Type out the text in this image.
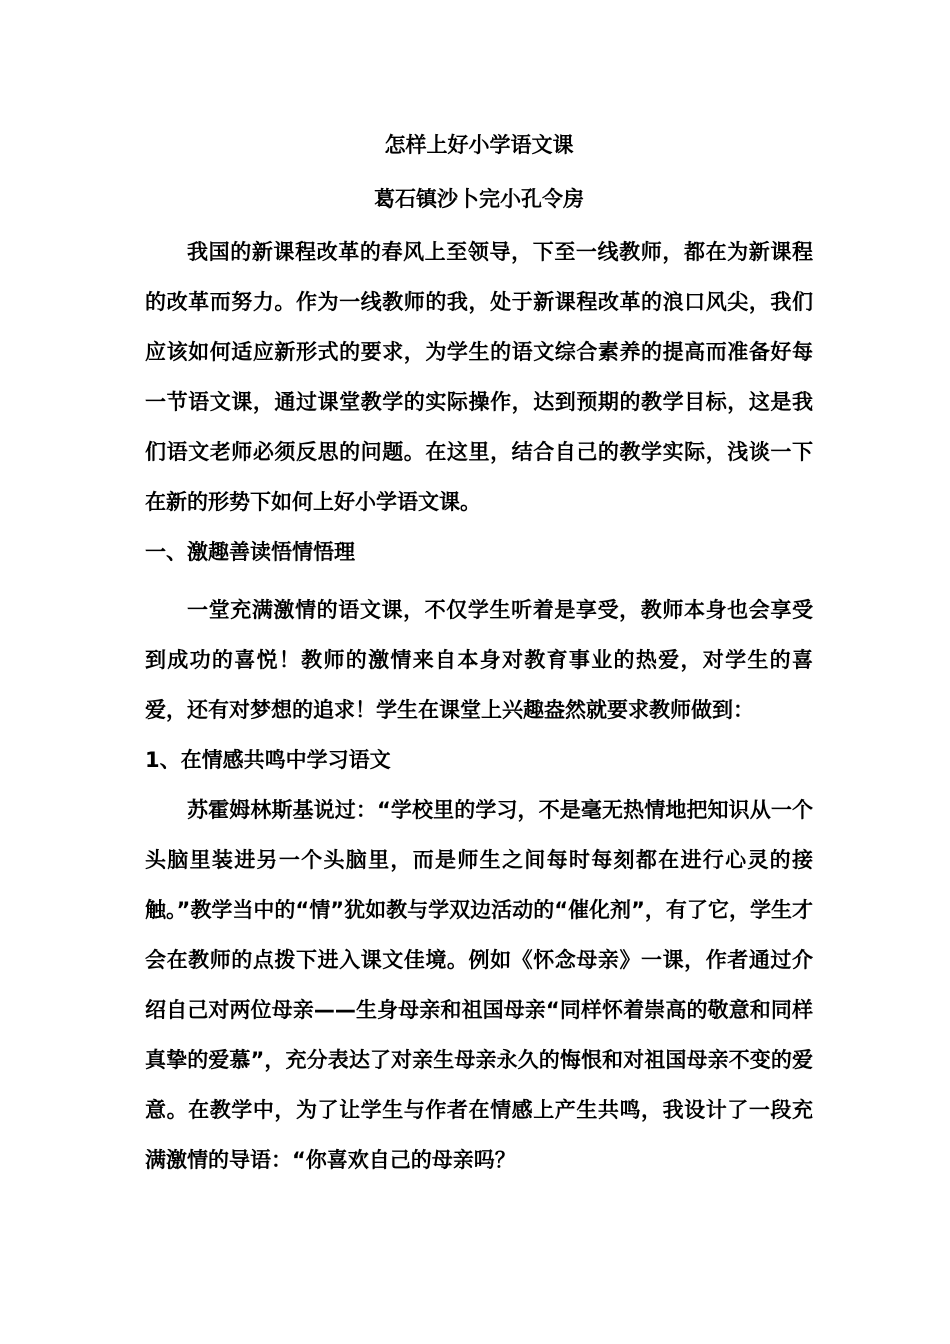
怎样上好小学语文课

葛石镇沙卜完小孔令房

我国的新课程改革的春风上至领导，下至一线教师，都在为新课程的改革而努力。作为一线教师的我，处于新课程改革的浪口风尖，我们应该如何适应新形式的要求，为学生的语文综合素养的提高而准备好每一节语文课，通过课堂教学的实际操作，达到预期的教学目标，这是我们语文老师必须反思的问题。在这里，结合自己的教学实际，浅谈一下在新的形势下如何上好小学语文课。

一、激趣善读悟情悟理

一堂充满激情的语文课，不仅学生听着是享受，教师本身也会享受到成功的喜悦！教师的激情来自本身对教育事业的热爱，对学生的喜爱，还有对梦想的追求！学生在课堂上兴趣盎然就要求教师做到：

1、在情感共鸣中学习语文

苏霍姆林斯基说过：“学校里的学习，不是毫无热情地把知识从一个头脑里装进另一个头脑里，而是师生之间每时每刻都在进行心灵的接触。”教学当中的“情”犹如教与学双边活动的“催化剂”，有了它，学生才会在教师的点拨下进入课文佳境。例如《怀念母亲》一课，作者通过介绍自己对两位母亲——生身母亲和祖国母亲“同样怀着崇高的敬意和同样真挚的爱慕”，充分表达了对亲生母亲永久的悔恨和对祖国母亲不变的爱意。在教学中，为了让学生与作者在情感上产生共鸣，我设计了一段充满激情的导语：“你喜欢自己的母亲吗？
